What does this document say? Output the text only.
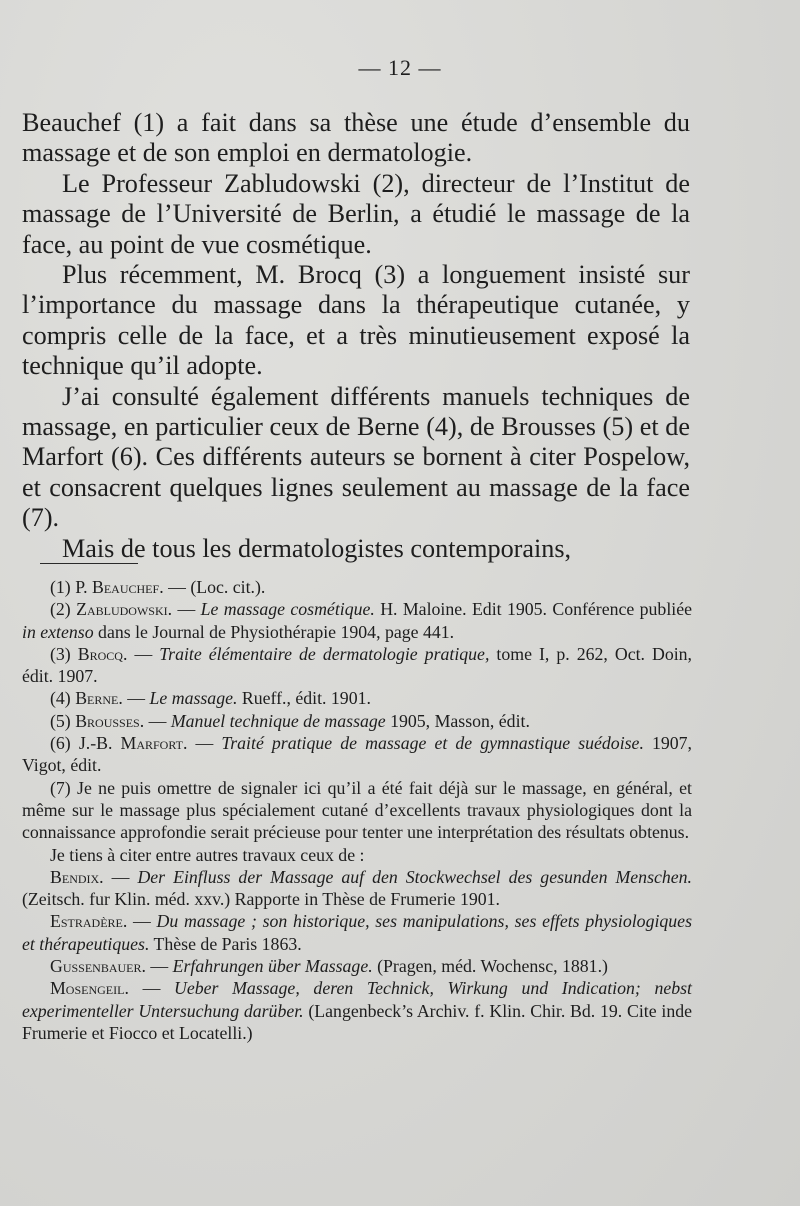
— 12 —

Beauchef (1) a fait dans sa thèse une étude d’ensemble du massage et de son emploi en dermatologie.

Le Professeur Zabludowski (2), directeur de l’Institut de massage de l’Université de Berlin, a étudié le massage de la face, au point de vue cosmétique.

Plus récemment, M. Brocq (3) a longuement insisté sur l’importance du massage dans la thérapeutique cutanée, y compris celle de la face, et a très minutieusement exposé la technique qu’il adopte.

J’ai consulté également différents manuels techniques de massage, en particulier ceux de Berne (4), de Brousses (5) et de Marfort (6). Ces différents auteurs se bornent à citer Pospelow, et consacrent quelques lignes seulement au massage de la face (7).

Mais de tous les dermatologistes contemporains,

(1) P. Beauchef. — (Loc. cit.).

(2) Zabludowski. — Le massage cosmétique. H. Maloine. Edit 1905. Conférence publiée in extenso dans le Journal de Physiothérapie 1904, page 441.

(3) Brocq. — Traite élémentaire de dermatologie pratique, tome I, p. 262, Oct. Doin, édit. 1907.

(4) Berne. — Le massage. Rueff., édit. 1901.

(5) Brousses. — Manuel technique de massage 1905, Masson, édit.

(6) J.-B. Marfort. — Traité pratique de massage et de gymnastique suédoise. 1907, Vigot, édit.

(7) Je ne puis omettre de signaler ici qu’il a été fait déjà sur le massage, en général, et même sur le massage plus spécialement cutané d’excellents travaux physiologiques dont la connaissance approfondie serait précieuse pour tenter une interprétation des résultats obtenus.

Je tiens à citer entre autres travaux ceux de :

Bendix. — Der Einfluss der Massage auf den Stockwechsel des gesunden Menschen. (Zeitsch. fur Klin. méd. xxv.) Rapporte in Thèse de Frumerie 1901.

Estradère. — Du massage ; son historique, ses manipulations, ses effets physiologiques et thérapeutiques. Thèse de Paris 1863.

Gussenbauer. — Erfahrungen über Massage. (Pragen, méd. Wochensc, 1881.)

Mosengeil. — Ueber Massage, deren Technick, Wirkung und Indication; nebst experimenteller Untersuchung darüber. (Langenbeck’s Archiv. f. Klin. Chir. Bd. 19. Cite inde Frumerie et Fiocco et Locatelli.)
